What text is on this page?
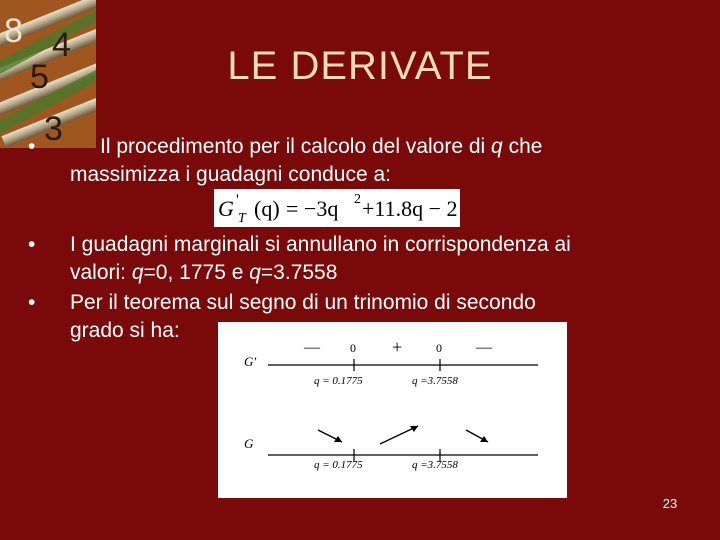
8 4
5
3
LE DERIVATE
•	Il procedimento per il calcolo del valore di q che
massimizza i guadagni conduce a:
G '
T (q) = −3q 2 +11.8q − 2
•	I guadagni marginali si annullano in corrispondenza ai
valori: q=0, 1775 e q=3.7558
•	Per il teorema sul segno di un trinomio di secondo
grado si ha:
G'
—	0 +	0 —
q = 0.1775	q =3.7558
G
q = 0.1775	q =3.7558
23
